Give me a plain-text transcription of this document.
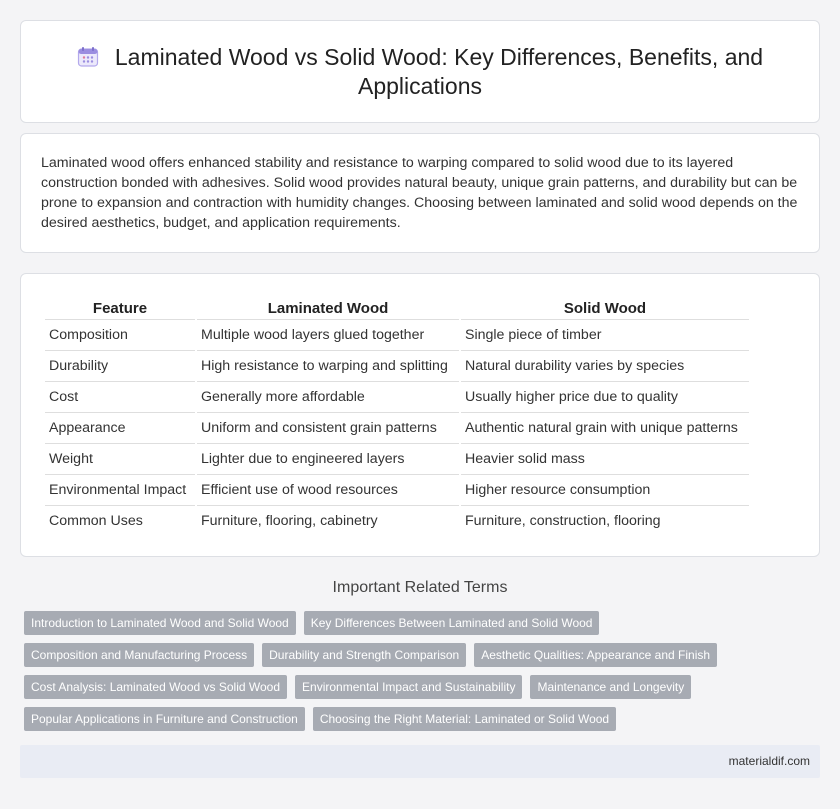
Laminated Wood vs Solid Wood: Key Differences, Benefits, and Applications

Laminated wood offers enhanced stability and resistance to warping compared to solid wood due to its layered construction bonded with adhesives. Solid wood provides natural beauty, unique grain patterns, and durability but can be prone to expansion and contraction with humidity changes. Choosing between laminated and solid wood depends on the desired aesthetics, budget, and application requirements.

Feature	Laminated Wood	Solid Wood
Composition	Multiple wood layers glued together	Single piece of timber
Durability	High resistance to warping and splitting	Natural durability varies by species
Cost	Generally more affordable	Usually higher price due to quality
Appearance	Uniform and consistent grain patterns	Authentic natural grain with unique patterns
Weight	Lighter due to engineered layers	Heavier solid mass
Environmental Impact	Efficient use of wood resources	Higher resource consumption
Common Uses	Furniture, flooring, cabinetry	Furniture, construction, flooring
Important Related Terms
Introduction to Laminated Wood and Solid Wood	Key Differences Between Laminated and Solid Wood
Composition and Manufacturing Process	Durability and Strength Comparison	Aesthetic Qualities: Appearance and Finish
Cost Analysis: Laminated Wood vs Solid Wood	Environmental Impact and Sustainability	Maintenance and Longevity
Popular Applications in Furniture and Construction	Choosing the Right Material: Laminated or Solid Wood
materialdif.com
